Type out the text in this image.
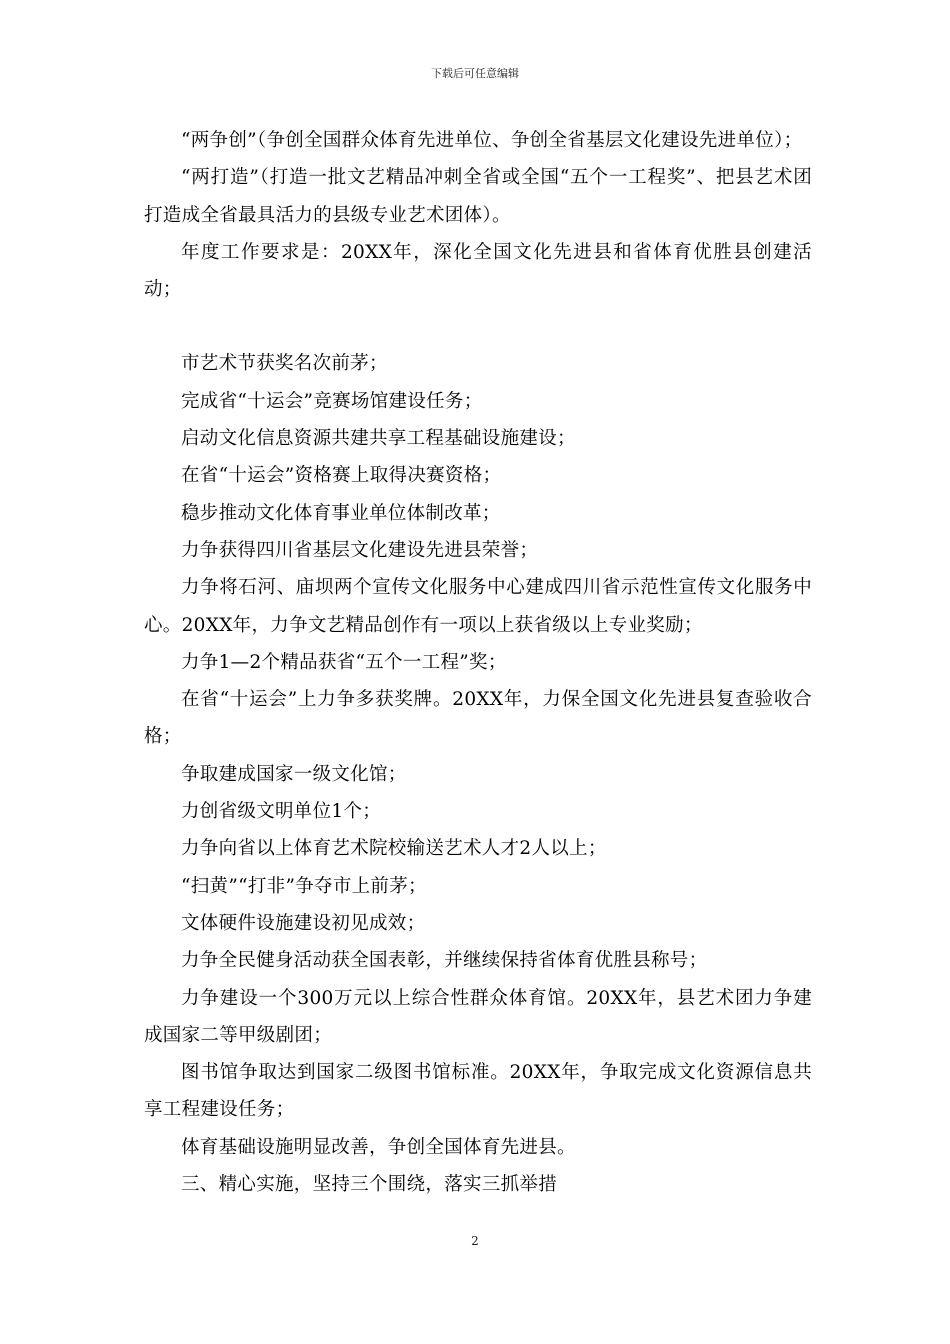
下载后可任意编辑

“两争创”（争创全国群众体育先进单位、争创全省基层文化建设先进单位）；

“两打造”（打造一批文艺精品冲刺全省或全国“五个一工程奖”、把县艺术团打造成全省最具活力的县级专业艺术团体）。

年度工作要求是：20XX年，深化全国文化先进县和省体育优胜县创建活动；

市艺术节获奖名次前茅；

完成省“十运会”竞赛场馆建设任务；

启动文化信息资源共建共享工程基础设施建设；

在省“十运会”资格赛上取得决赛资格；

稳步推动文化体育事业单位体制改革；

力争获得四川省基层文化建设先进县荣誉；

力争将石河、庙坝两个宣传文化服务中心建成四川省示范性宣传文化服务中心。20XX年，力争文艺精品创作有一项以上获省级以上专业奖励；

力争1—2个精品获省“五个一工程”奖；

在省“十运会”上力争多获奖牌。20XX年，力保全国文化先进县复查验收合格；

争取建成国家一级文化馆；

力创省级文明单位1个；

力争向省以上体育艺术院校输送艺术人才2人以上；

“扫黄”“打非”争夺市上前茅；

文体硬件设施建设初见成效；

力争全民健身活动获全国表彰，并继续保持省体育优胜县称号；

力争建设一个300万元以上综合性群众体育馆。20XX年，县艺术团力争建成国家二等甲级剧团；

图书馆争取达到国家二级图书馆标准。20XX年，争取完成文化资源信息共享工程建设任务；

体育基础设施明显改善，争创全国体育先进县。

三、精心实施，坚持三个围绕，落实三抓举措

2
